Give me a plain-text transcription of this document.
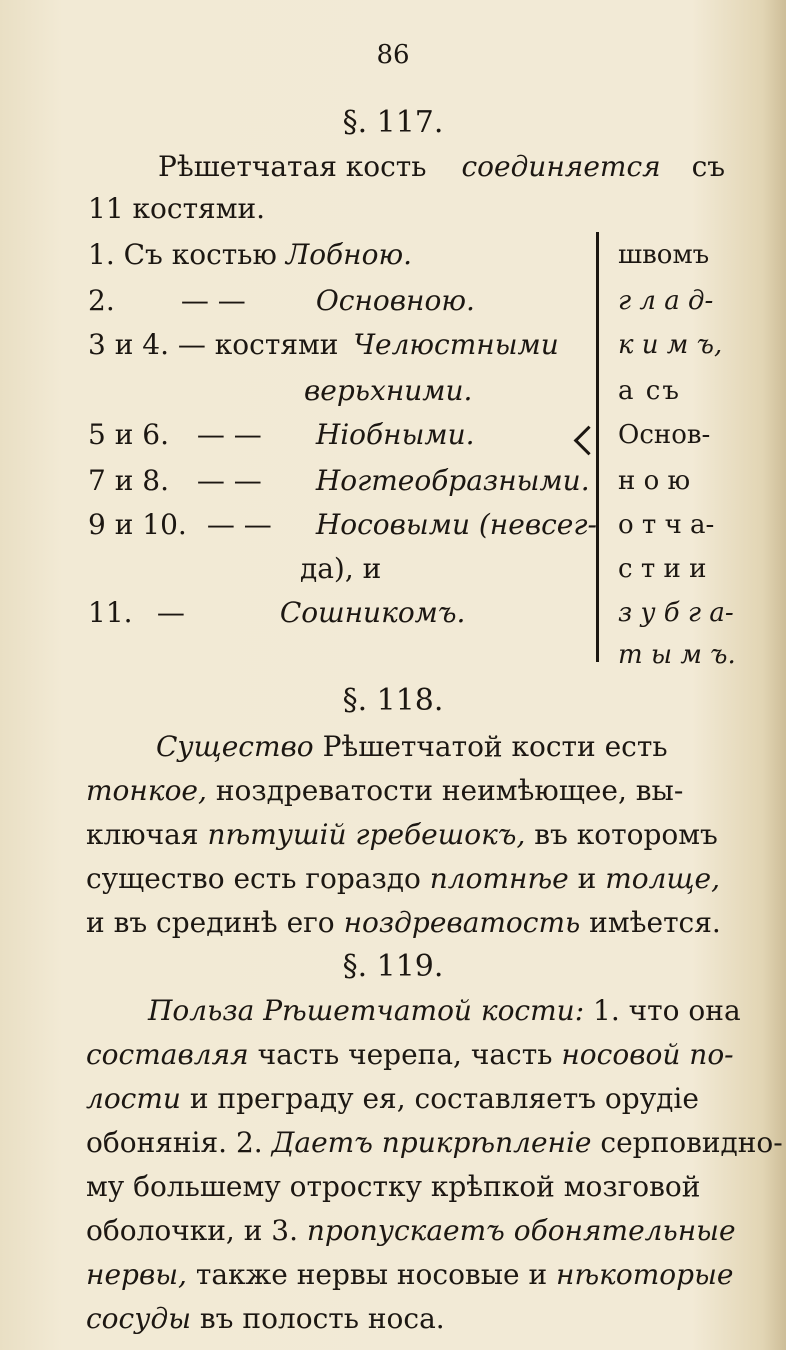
86
§. 117.
Рѣшетчатая кость соединяется съ
11 костями.
1. Съ костью Лобною.
2. — —	Основною.
3 и 4. — костями Челюстными
верьхними.
5 и 6. — — Ніобными.
7 и 8. — — Ногтеобразными.
9 и 10. — — Носовыми (невсег-
да), и
11. —	Сошникомъ.
швомъ
г л а д-
к и м ъ,
а съ
Основ-
н о ю
о т ч а-
с т и и
з у б г а-
т ы м ъ.
§. 118.
Существо Рѣшетчатой кости есть
тонкое, ноздреватости неимѣющее, вы-
ключая пѣтушій гребешокъ, въ которомъ
существо есть гораздо плотнѣе и толще,
и въ срединѣ его ноздреватость имѣется.
§. 119.
Польза Рѣшетчатой кости: 1. что она
составляя часть черепа, часть носовой по-
лости и преграду ея, составляетъ орудіе
обонянія. 2. Даетъ прикрѣпленіе серповидно-
му большему отростку крѣпкой мозговой
оболочки, и 3. пропускаетъ обонятельные
нервы, также нервы носовые и нѣкоторые
сосуды въ полость носа.
